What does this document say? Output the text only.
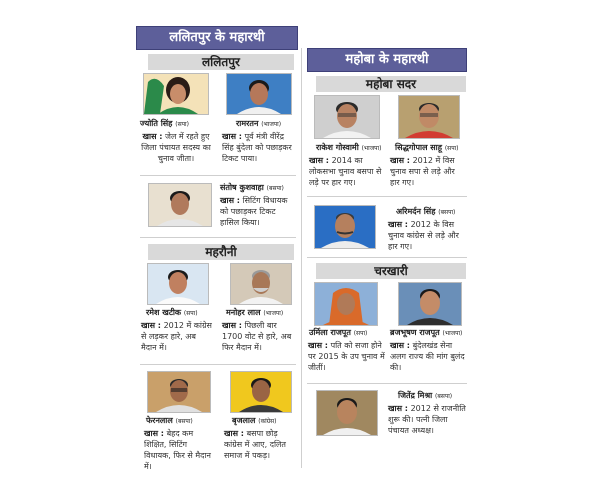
ललितपुर के महारथी
ललितपुर
ज्योति सिंह (सपा)
खास : जेल में रहते हुए जिला पंचायत सदस्य का चुनाव जीता।
रामरतन (भाजपा)
खास : पूर्व मंत्री वीरेंद्र सिंह बुंदेला को पछाड़कर टिकट पाया।
संतोष कुशवाहा (बसपा)
खास : सिटिंग विधायक को पछाड़कर टिकट हासिल किया।
महरौनी
रमेश खटीक (सपा)
खास : 2012 में कांग्रेस से लड़कर हारे, अब मैदान में।
मनोहर लाल (भाजपा)
खास : पिछली बार 1700 वोट से हारे, अब फिर मैदान में।
फेरनलाल (बसपा)
खास : बेहद कम शिक्षित, सिटिंग विधायक, फिर से मैदान में।
बृजलाल (कांग्रेस)
खास : बसपा छोड़ कांग्रेस में आए, दलित समाज में पकड़।
महोबा के महारथी
महोबा सदर
राकेश गोस्वामी (भाजपा)
खास : 2014 का लोकसभा चुनाव बसपा से लड़े पर हार गए।
सिद्धगोपाल साहू (सपा)
खास : 2012 में विस चुनाव सपा से लड़े और हार गए।
अरिमर्दन सिंह (बसपा)
खास : 2012 के विस चुनाव कांग्रेस से लड़े और हार गए।
चरखारी
उर्मिला राजपूत (सपा)
खास : पति को सजा होने पर 2015 के उप चुनाव में जीतीं।
ब्रजभूषण राजपूत (भाजपा)
खास : बुंदेलखंड सेना अलग राज्य की मांग बुलंद की।
जितेंद्र मिश्रा (बसपा)
खास : 2012 से राजनीति शुरू की। पत्नी जिला पंचायत अध्यक्ष।
